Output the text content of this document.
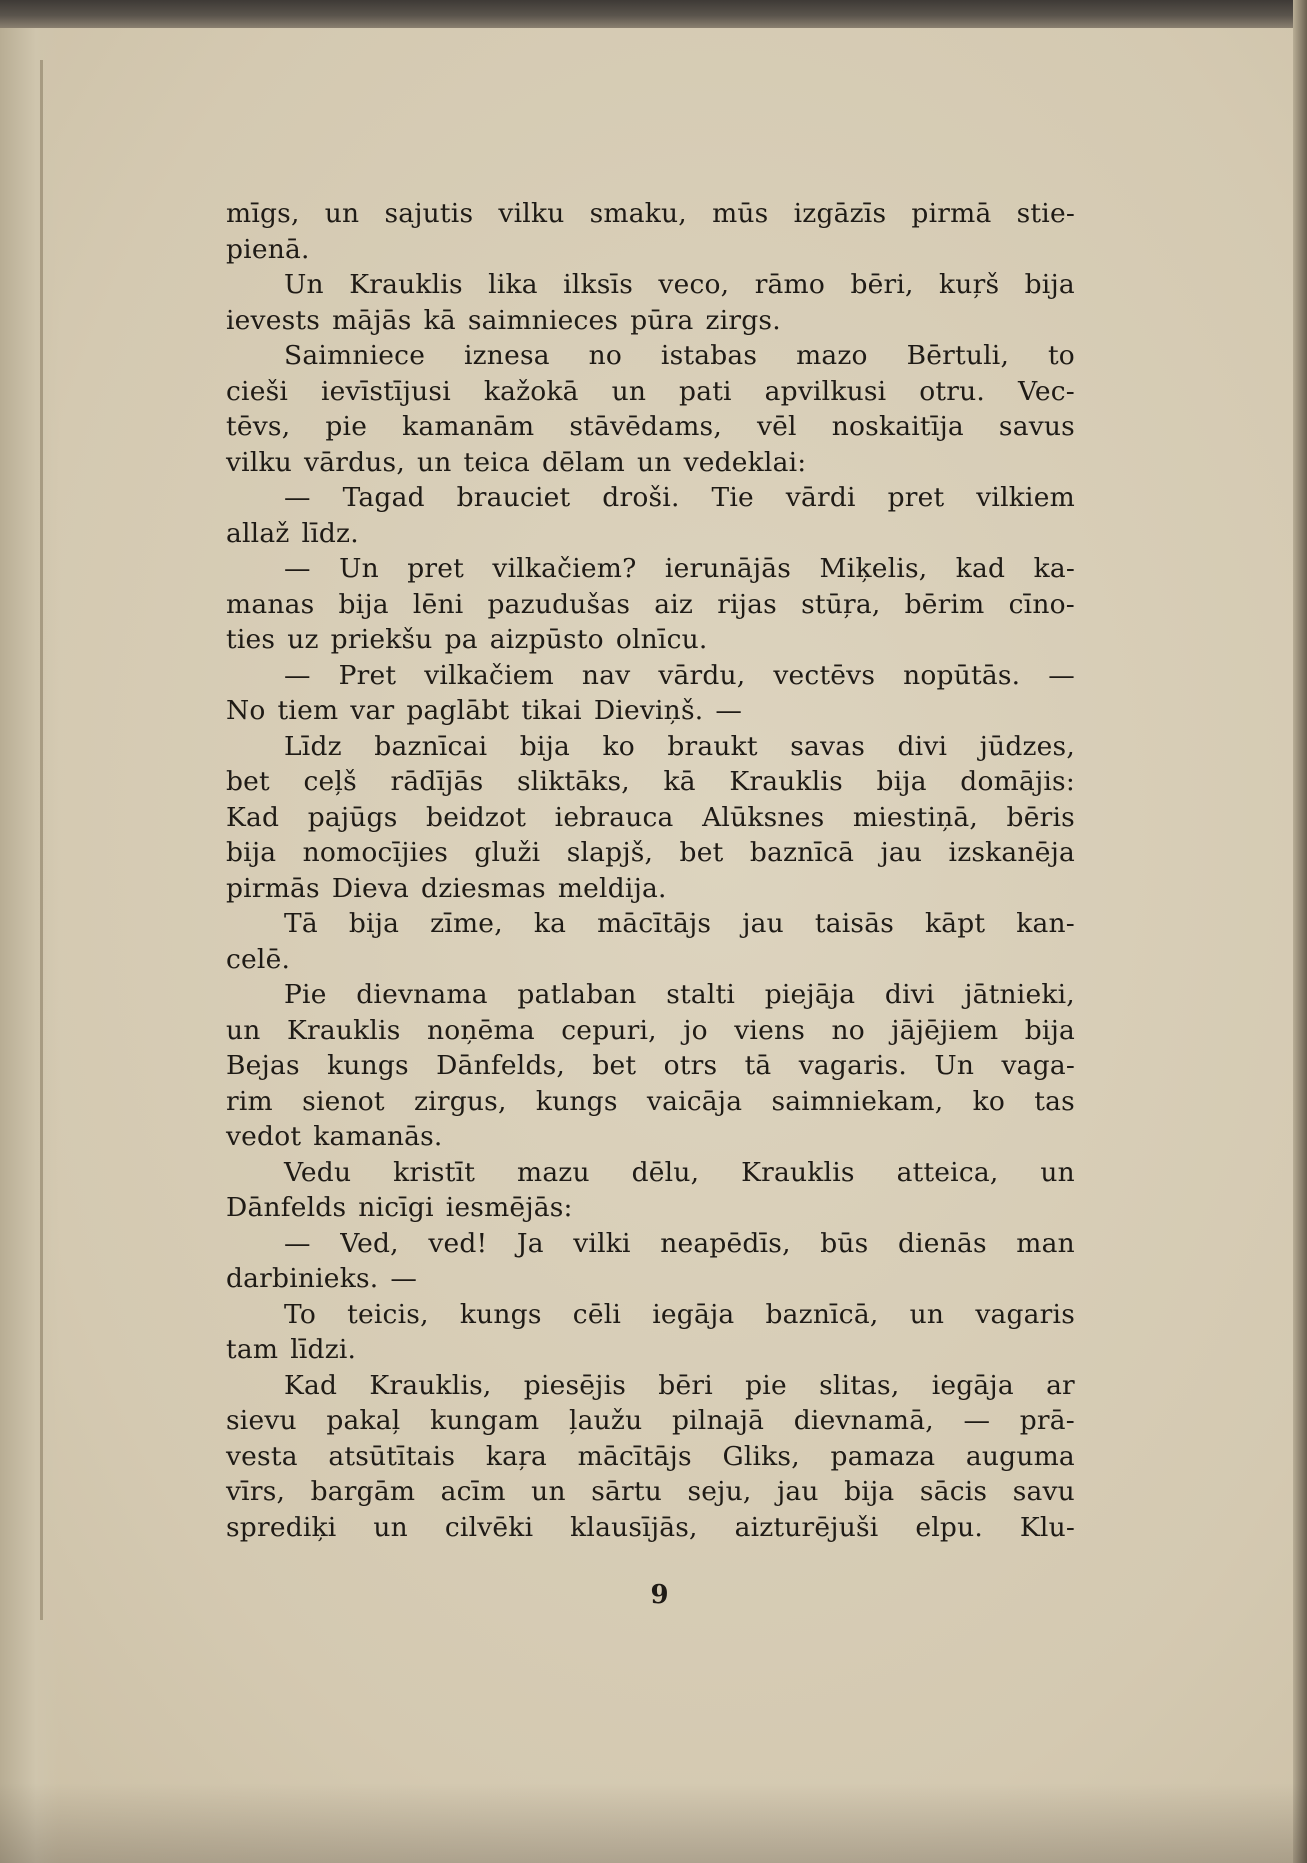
mīgs, un sajutis vilku smaku, mūs izgāzīs pirmā stie-
pienā.
Un Krauklis lika ilksīs veco, rāmo bēri, kuŗš bija
ievests mājās kā saimnieces pūra zirgs.
Saimniece iznesa no istabas mazo Bērtuli, to
cieši ievīstījusi kažokā un pati apvilkusi otru. Vec-
tēvs, pie kamanām stāvēdams, vēl noskaitīja savus
vilku vārdus, un teica dēlam un vedeklai:
— Tagad brauciet droši. Tie vārdi pret vilkiem
allaž līdz.
— Un pret vilkačiem? ierunājās Miķelis, kad ka-
manas bija lēni pazudušas aiz rijas stūŗa, bērim cīno-
ties uz priekšu pa aizpūsto olnīcu.
— Pret vilkačiem nav vārdu, vectēvs nopūtās. —
No tiem var paglābt tikai Dieviņš. —
Līdz baznīcai bija ko braukt savas divi jūdzes,
bet ceļš rādījās sliktāks, kā Krauklis bija domājis:
Kad pajūgs beidzot iebrauca Alūksnes miestiņā, bēris
bija nomocījies gluži slapjš, bet baznīcā jau izskanēja
pirmās Dieva dziesmas meldija.
Tā bija zīme, ka mācītājs jau taisās kāpt kan-
celē.
Pie dievnama patlaban stalti piejāja divi jātnieki,
un Krauklis noņēma cepuri, jo viens no jājējiem bija
Bejas kungs Dānfelds, bet otrs tā vagaris. Un vaga-
rim sienot zirgus, kungs vaicāja saimniekam, ko tas
vedot kamanās.
Vedu kristīt mazu dēlu, Krauklis atteica, un
Dānfelds nicīgi iesmējās:
— Ved, ved! Ja vilki neapēdīs, būs dienās man
darbinieks. —
To teicis, kungs cēli iegāja baznīcā, un vagaris
tam līdzi.
Kad Krauklis, piesējis bēri pie slitas, iegāja ar
sievu pakaļ kungam ļaužu pilnajā dievnamā, — prā-
vesta atsūtītais kaŗa mācītājs Gliks, pamaza auguma
vīrs, bargām acīm un sārtu seju, jau bija sācis savu
sprediķi un cilvēki klausījās, aizturējuši elpu. Klu-
9
